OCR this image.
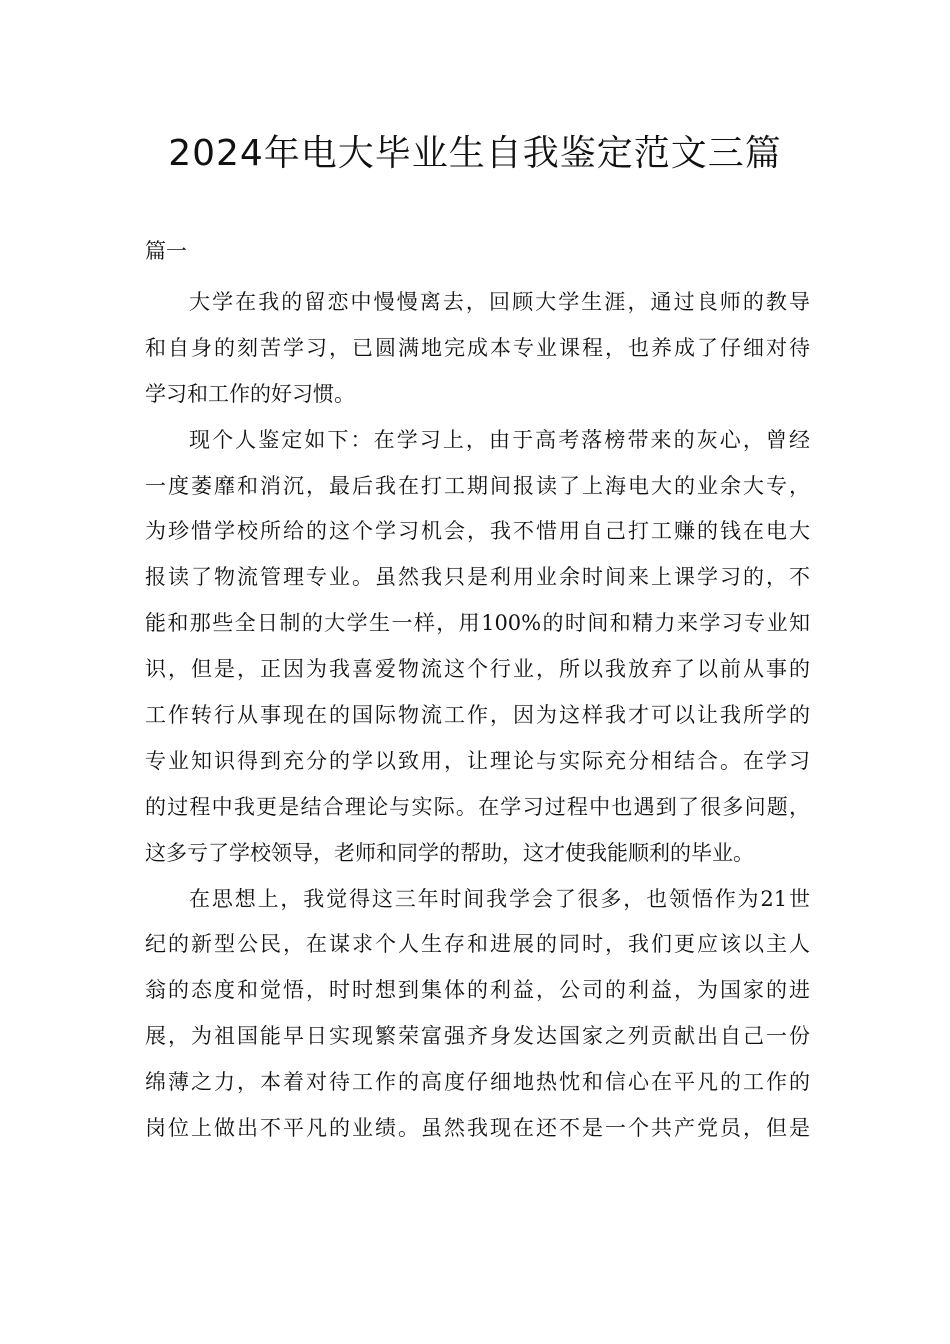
2024年电大毕业生自我鉴定范文三篇

篇一

大学在我的留恋中慢慢离去，回顾大学生涯，通过良师的教导
和自身的刻苦学习，已圆满地完成本专业课程，也养成了仔细对待
学习和工作的好习惯。
现个人鉴定如下：在学习上，由于高考落榜带来的灰心，曾经
一度萎靡和消沉，最后我在打工期间报读了上海电大的业余大专，
为珍惜学校所给的这个学习机会，我不惜用自己打工赚的钱在电大
报读了物流管理专业。虽然我只是利用业余时间来上课学习的，不
能和那些全日制的大学生一样，用100%的时间和精力来学习专业知
识，但是，正因为我喜爱物流这个行业，所以我放弃了以前从事的
工作转行从事现在的国际物流工作，因为这样我才可以让我所学的
专业知识得到充分的学以致用，让理论与实际充分相结合。在学习
的过程中我更是结合理论与实际。在学习过程中也遇到了很多问题，
这多亏了学校领导，老师和同学的帮助，这才使我能顺利的毕业。
在思想上，我觉得这三年时间我学会了很多，也领悟作为21世
纪的新型公民，在谋求个人生存和进展的同时，我们更应该以主人
翁的态度和觉悟，时时想到集体的利益，公司的利益，为国家的进
展，为祖国能早日实现繁荣富强齐身发达国家之列贡献出自己一份
绵薄之力，本着对待工作的高度仔细地热忱和信心在平凡的工作的
岗位上做出不平凡的业绩。虽然我现在还不是一个共产党员，但是
